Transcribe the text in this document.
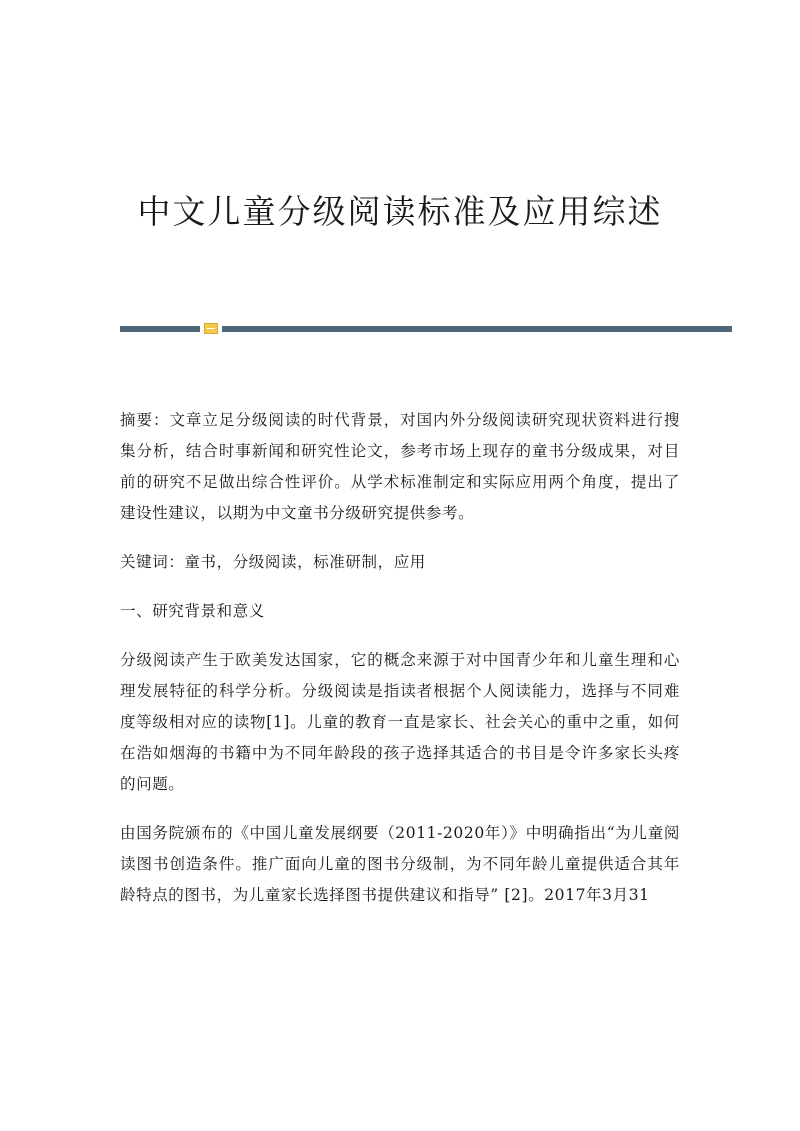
中文儿童分级阅读标准及应用综述

摘要：文章立足分级阅读的时代背景，对国内外分级阅读研究现状资料进行搜集分析，结合时事新闻和研究性论文，参考市场上现存的童书分级成果，对目前的研究不足做出综合性评价。从学术标准制定和实际应用两个角度，提出了建设性建议，以期为中文童书分级研究提供参考。

关键词：童书，分级阅读，标准研制，应用

一、研究背景和意义

分级阅读产生于欧美发达国家，它的概念来源于对中国青少年和儿童生理和心理发展特征的科学分析。分级阅读是指读者根据个人阅读能力，选择与不同难度等级相对应的读物[1]。儿童的教育一直是家长、社会关心的重中之重，如何在浩如烟海的书籍中为不同年龄段的孩子选择其适合的书目是令许多家长头疼的问题。

由国务院颁布的《中国儿童发展纲要（2011-2020年）》中明确指出“为儿童阅读图书创造条件。推广面向儿童的图书分级制，为不同年龄儿童提供适合其年龄特点的图书，为儿童家长选择图书提供建议和指导” [2]。2017年3月31
